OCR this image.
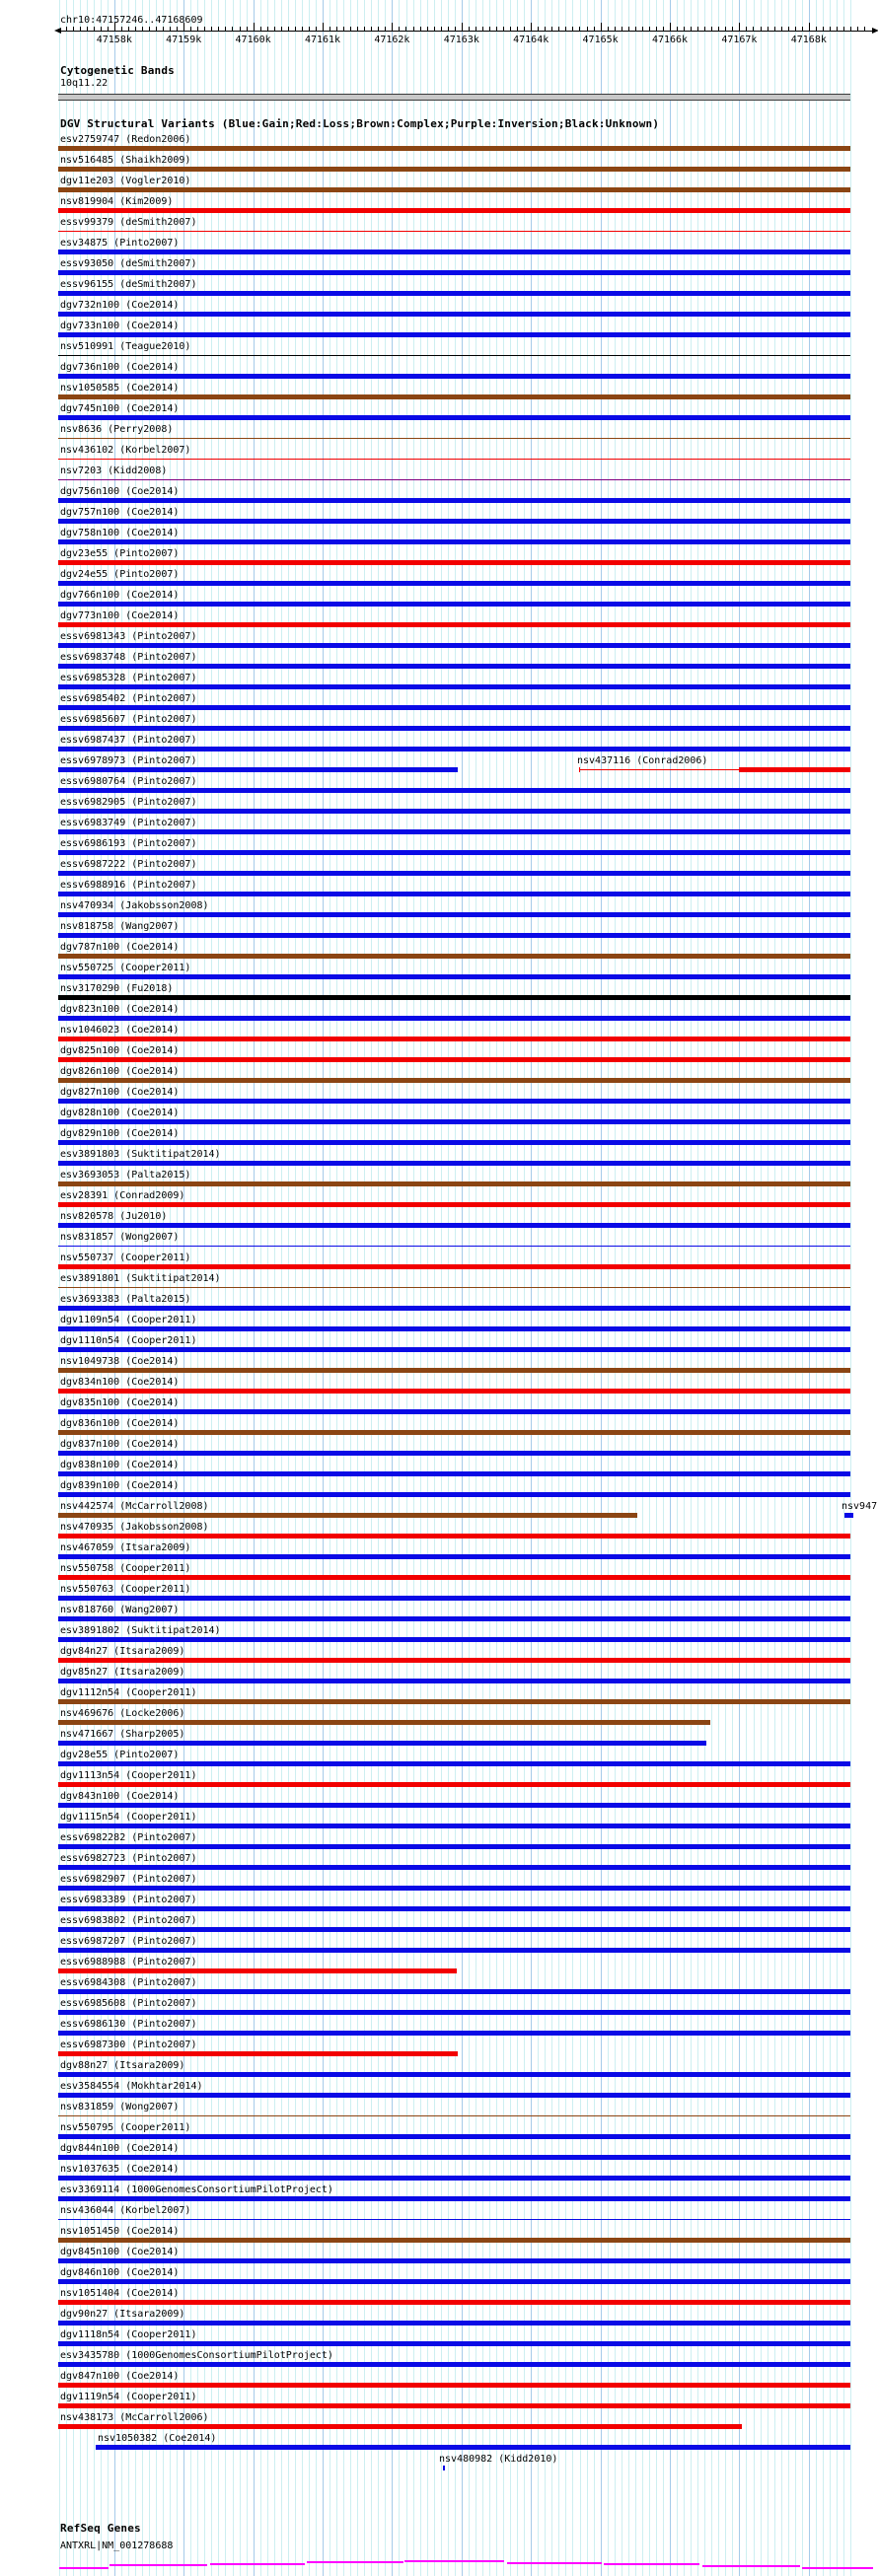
chr10:47157246..47168609
47158k	47159k	47160k	47161k	47162k	47163k	47164k	47165k	47166k	47167k	47168k
Cytogenetic Bands
10q11.22
DGV Structural Variants (Blue:Gain;Red:Loss;Brown:Complex;Purple:Inversion;Black:Unknown)
esv2759747 (Redon2006)
nsv516485 (Shaikh2009)
dgv11e203 (Vogler2010)
nsv819904 (Kim2009)
essv99379 (deSmith2007)
esv34875 (Pinto2007)
essv93050 (deSmith2007)
essv96155 (deSmith2007)
dgv732n100 (Coe2014)
dgv733n100 (Coe2014)
nsv510991 (Teague2010)
dgv736n100 (Coe2014)
nsv1050585 (Coe2014)
dgv745n100 (Coe2014)
nsv8636 (Perry2008)
nsv436102 (Korbel2007)
nsv7203 (Kidd2008)
dgv756n100 (Coe2014)
dgv757n100 (Coe2014)
dgv758n100 (Coe2014)
dgv23e55 (Pinto2007)
dgv24e55 (Pinto2007)
dgv766n100 (Coe2014)
dgv773n100 (Coe2014)
essv6981343 (Pinto2007)
essv6983748 (Pinto2007)
essv6985328 (Pinto2007)
essv6985402 (Pinto2007)
essv6985607 (Pinto2007)
essv6987437 (Pinto2007)
essv6978973 (Pinto2007)	nsv437116 (Conrad2006)
essv6980764 (Pinto2007)
essv6982905 (Pinto2007)
essv6983749 (Pinto2007)
essv6986193 (Pinto2007)
essv6987222 (Pinto2007)
essv6988916 (Pinto2007)
nsv470934 (Jakobsson2008)
nsv818758 (Wang2007)
dgv787n100 (Coe2014)
nsv550725 (Cooper2011)
nsv3170290 (Fu2018)
dgv823n100 (Coe2014)
nsv1046023 (Coe2014)
dgv825n100 (Coe2014)
dgv826n100 (Coe2014)
dgv827n100 (Coe2014)
dgv828n100 (Coe2014)
dgv829n100 (Coe2014)
esv3891803 (Suktitipat2014)
esv3693053 (Palta2015)
esv28391 (Conrad2009)
nsv820578 (Ju2010)
nsv831857 (Wong2007)
nsv550737 (Cooper2011)
esv3891801 (Suktitipat2014)
esv3693383 (Palta2015)
dgv1109n54 (Cooper2011)
dgv1110n54 (Cooper2011)
nsv1049738 (Coe2014)
dgv834n100 (Coe2014)
dgv835n100 (Coe2014)
dgv836n100 (Coe2014)
dgv837n100 (Coe2014)
dgv838n100 (Coe2014)
dgv839n100 (Coe2014)
nsv442574 (McCarroll2008)	nsv947
nsv470935 (Jakobsson2008)
nsv467059 (Itsara2009)
nsv550758 (Cooper2011)
nsv550763 (Cooper2011)
nsv818760 (Wang2007)
esv3891802 (Suktitipat2014)
dgv84n27 (Itsara2009)
dgv85n27 (Itsara2009)
dgv1112n54 (Cooper2011)
nsv469676 (Locke2006)
nsv471667 (Sharp2005)
dgv28e55 (Pinto2007)
dgv1113n54 (Cooper2011)
dgv843n100 (Coe2014)
dgv1115n54 (Cooper2011)
essv6982282 (Pinto2007)
essv6982723 (Pinto2007)
essv6982907 (Pinto2007)
essv6983389 (Pinto2007)
essv6983802 (Pinto2007)
essv6987207 (Pinto2007)
essv6988988 (Pinto2007)
essv6984308 (Pinto2007)
essv6985608 (Pinto2007)
essv6986130 (Pinto2007)
essv6987300 (Pinto2007)
dgv88n27 (Itsara2009)
esv3584554 (Mokhtar2014)
nsv831859 (Wong2007)
nsv550795 (Cooper2011)
dgv844n100 (Coe2014)
nsv1037635 (Coe2014)
esv3369114 (1000GenomesConsortiumPilotProject)
nsv436044 (Korbel2007)
nsv1051450 (Coe2014)
dgv845n100 (Coe2014)
dgv846n100 (Coe2014)
nsv1051404 (Coe2014)
dgv90n27 (Itsara2009)
dgv1118n54 (Cooper2011)
esv3435780 (1000GenomesConsortiumPilotProject)
dgv847n100 (Coe2014)
dgv1119n54 (Cooper2011)
nsv438173 (McCarroll2006)
nsv1050382 (Coe2014)
nsv480982 (Kidd2010)
RefSeq Genes
ANTXRL|NM_001278688
